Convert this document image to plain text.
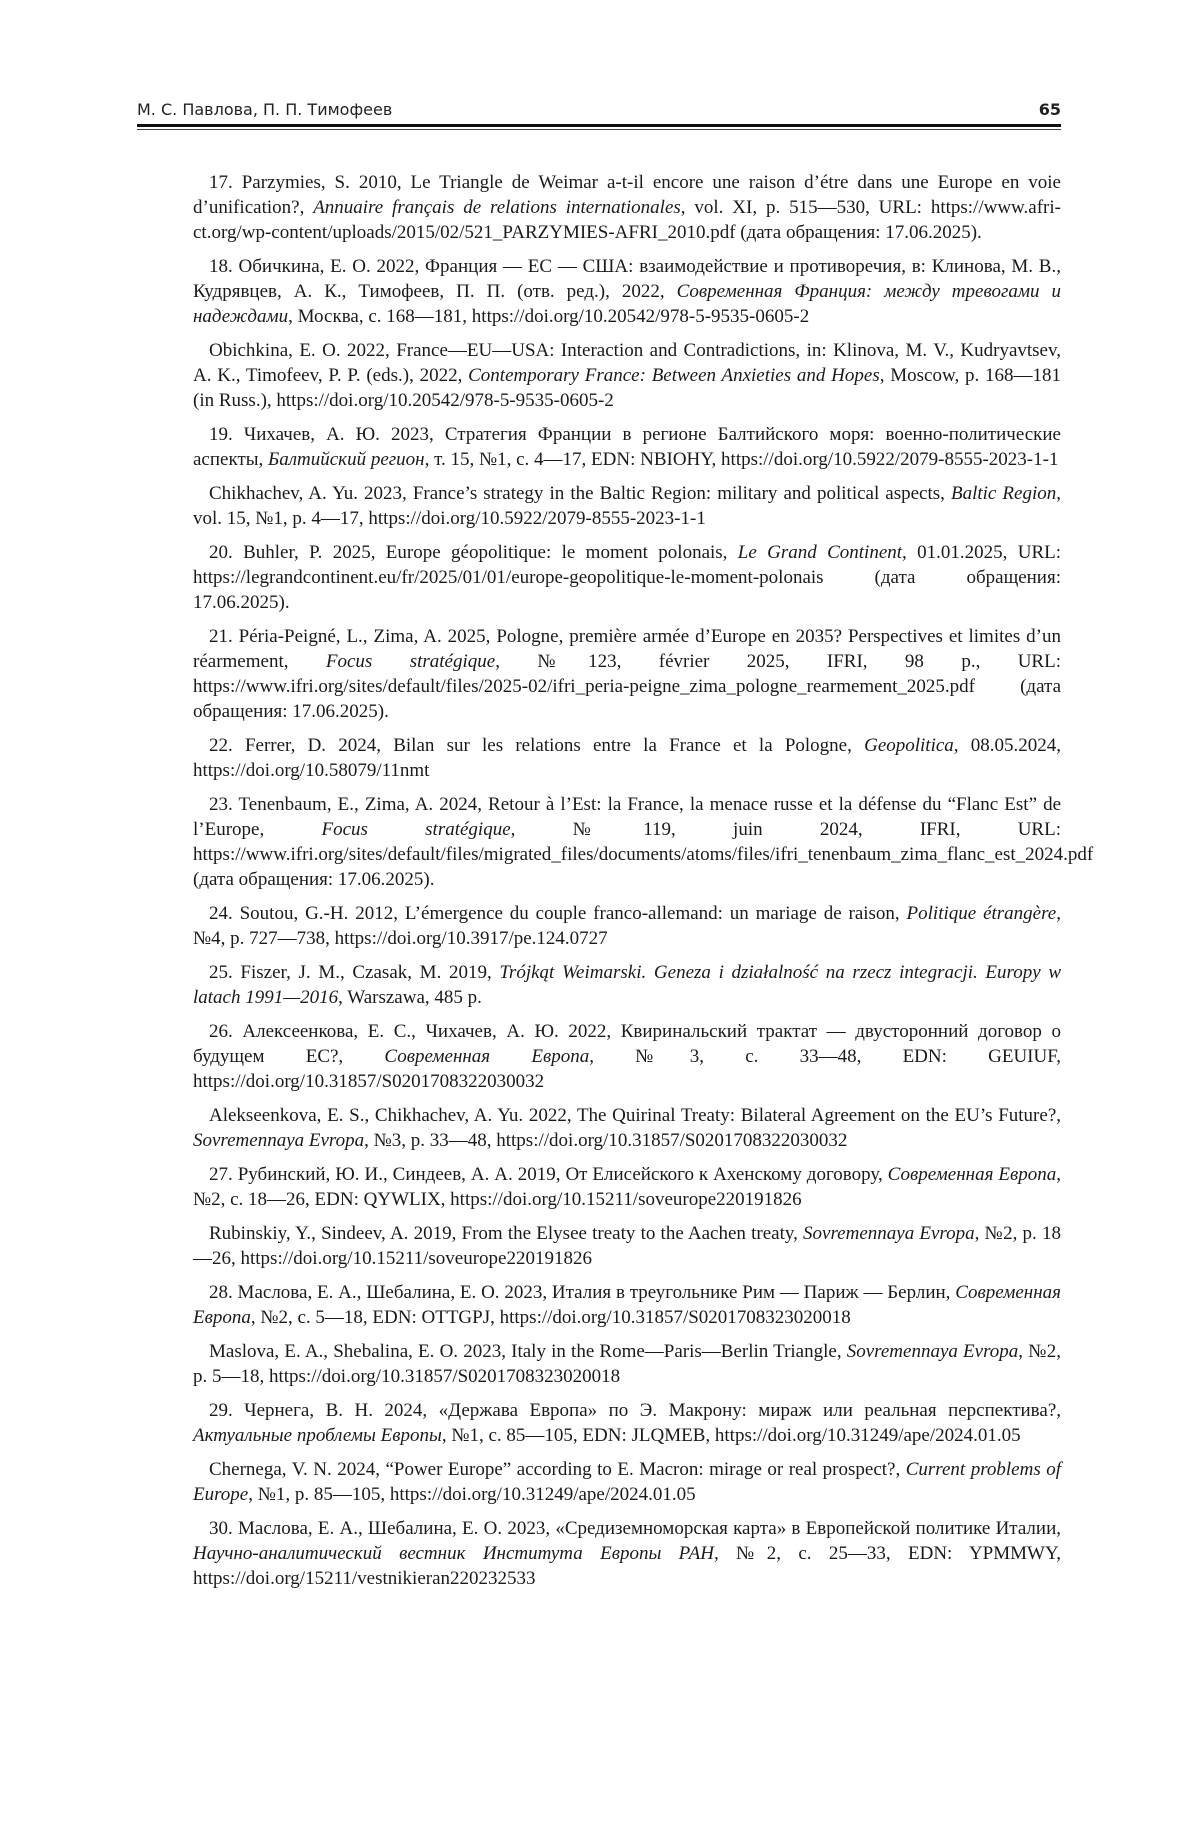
М. С. Павлова, П. П. Тимофеев	65

17. Parzymies, S. 2010, Le Triangle de Weimar a-t-il encore une raison d’étre dans une Europe en voie d’unification?, Annuaire français de relations internationales, vol. XI, p. 515—530, URL: https://www.afri-ct.org/wp-content/uploads/2015/02/521_PARZYMIES-AFRI_2010.pdf (дата обращения: 17.06.2025).

18. Обичкина, Е. О. 2022, Франция — ЕС — США: взаимодействие и противоречия, в: Клинова, М. В., Кудрявцев, А. К., Тимофеев, П. П. (отв. ред.), 2022, Современная Франция: между тревогами и надеждами, Москва, с. 168—181, https://doi.org/10.20542/978-5-9535-0605-2

Obichkina, E. O. 2022, France—EU—USA: Interaction and Contradictions, in: Klinova, M. V., Kudryavtsev, A. K., Timofeev, P. P. (eds.), 2022, Contemporary France: Between Anxieties and Hopes, Moscow, p. 168—181 (in Russ.), https://doi.org/10.20542/978-5-9535-0605-2

19. Чихачев, А. Ю. 2023, Стратегия Франции в регионе Балтийского моря: военно-политические аспекты, Балтийский регион, т. 15, №1, с. 4—17, EDN: NBIOHY, https://doi.org/10.5922/2079-8555-2023-1-1

Chikhachev, A. Yu. 2023, France’s strategy in the Baltic Region: military and political aspects, Baltic Region, vol. 15, №1, p. 4—17, https://doi.org/10.5922/2079-8555-2023-1-1

20. Buhler, P. 2025, Europe géopolitique: le moment polonais, Le Grand Continent, 01.01.2025, URL: https://legrandcontinent.eu/fr/2025/01/01/europe-geopolitique-le-moment-polonais (дата обращения: 17.06.2025).

21. Péria-Peigné, L., Zima, A. 2025, Pologne, première armée d’Europe en 2035? Perspectives et limites d’un réarmement, Focus stratégique, №123, février 2025, IFRI, 98 p., URL: https://www.ifri.org/sites/default/files/2025-02/ifri_peria-peigne_zima_pologne_rearmement_2025.pdf (дата обращения: 17.06.2025).

22. Ferrer, D. 2024, Bilan sur les relations entre la France et la Pologne, Geopolitica, 08.05.2024, https://doi.org/10.58079/11nmt

23. Tenenbaum, E., Zima, A. 2024, Retour à l’Est: la France, la menace russe et la défense du “Flanc Est” de l’Europe, Focus stratégique, №119, juin 2024, IFRI, URL: https://www.ifri.org/sites/default/files/migrated_files/documents/atoms/files/ifri_tenenbaum_zima_flanc_est_2024.pdf (дата обращения: 17.06.2025).

24. Soutou, G.-H. 2012, L’émergence du couple franco-allemand: un mariage de raison, Politique étrangère, №4, p. 727—738, https://doi.org/10.3917/pe.124.0727

25. Fiszer, J. M., Czasak, M. 2019, Trójkąt Weimarski. Geneza i działalność na rzecz integracji. Europy w latach 1991—2016, Warszawa, 485 p.

26. Алексеенкова, Е. С., Чихачев, А. Ю. 2022, Квиринальский трактат — двусторонний договор о будущем ЕС?, Современная Европа, №3, с. 33—48, EDN: GEUIUF, https://doi.org/10.31857/S0201708322030032

Alekseenkova, E. S., Chikhachev, A. Yu. 2022, The Quirinal Treaty: Bilateral Agreement on the EU’s Future?, Sovremennaya Evropa, №3, p. 33—48, https://doi.org/10.31857/S0201708322030032

27. Рубинский, Ю. И., Синдеев, А. А. 2019, От Елисейского к Ахенскому договору, Современная Европа, №2, с. 18—26, EDN: QYWLIX, https://doi.org/10.15211/soveurope220191826

Rubinskiy, Y., Sindeev, A. 2019, From the Elysee treaty to the Aachen treaty, Sovremennaya Evropa, №2, p. 18—26, https://doi.org/10.15211/soveurope220191826

28. Маслова, Е. А., Шебалина, Е. О. 2023, Италия в треугольнике Рим — Париж — Берлин, Современная Европа, №2, с. 5—18, EDN: OTTGPJ, https://doi.org/10.31857/S0201708323020018

Maslova, E. A., Shebalina, E. O. 2023, Italy in the Rome—Paris—Berlin Triangle, Sovremennaya Evropa, №2, p. 5—18, https://doi.org/10.31857/S0201708323020018

29. Чернега, В. Н. 2024, «Держава Европа» по Э. Макрону: мираж или реальная перспектива?, Актуальные проблемы Европы, №1, с. 85—105, EDN: JLQMEB, https://doi.org/10.31249/ape/2024.01.05

Chernega, V. N. 2024, “Power Europe” according to E. Macron: mirage or real prospect?, Current problems of Europe, №1, p. 85—105, https://doi.org/10.31249/ape/2024.01.05

30. Маслова, Е. А., Шебалина, Е. О. 2023, «Средиземноморская карта» в Европейской политике Италии, Научно-аналитический вестник Института Европы РАН, №2, с. 25—33, EDN: YPMMWY, https://doi.org/15211/vestnikieran220232533
